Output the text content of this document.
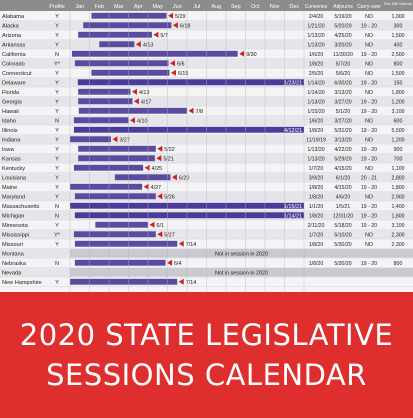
Prefile Jan Feb Mar Apr May Jun Jul Aug Sep Oct Nov Dec Convenes Adjourns Carry-over
Est. Bill Volume
Alabama	Y	5/29	2/4/20 5/19/20	NO	1,000
Alaska	Y	6/18	1/21/20 5/20/20 19 - 20	300
Arizona	Y	5/7	1/13/20 4/25/20	NO	1,500
Arkansas	Y	4/13	1/13/20 3/20/20	NO	400
California	N	9/30	1/6/20 11/30/20 19 - 20	2,500
Colorado	Y*	6/6	1/8/20 5/7/20	NO	800
Connecticut	Y	6/15	2/5/20 5/6/20	NO	1,500
Delaware	Y	1/23/21 1/14/20 6/30/20 19 - 20	150
Florida	Y	4/13	1/14/20 3/13/20	NO	1,800
Georgia	Y	4/17	1/13/20 3/27/20 19 - 20	1,200
Hawaii	Y	7/8	1/15/20 5/1/20 19 - 20	3,100
Idaho	N	4/10	1/6/20 3/27/20	NO	600
Illinois	Y	4/12/21 1/8/20 5/31/20 19 - 20	5,500
Indiana	Y	3/27	11/19/19 3/13/20	NO	1,200
Iowa	Y	5/22	1/13/20 4/22/20 19 - 20	900
Kansas	Y	5/21	1/13/20 5/29/20 19 - 20	700
Kentucky	Y	4/25	1/7/20 4/15/20	NO	1,100
Louisiana	Y	6/20	3/9/20 6/1/20 20 - 21	2,800
Maine	Y	4/27	1/8/20 4/15/20 19 - 20	1,800
Maryland	Y	5/26	1/8/20 4/6/20	NO	2,900
Massachusetts	N	1/15/21 1/1/20 1/5/21 19 - 20	1,400
Michigan	N	1/14/21 1/8/20 12/31/20 19 - 20	1,800
Minnesota	Y	6/1	2/11/20 5/18/20 19 - 20	3,100
Mississippi	Y*	5/27	1/7/20 5/10/20	NO	2,300
Missouri	Y	7/14	1/8/20 5/30/20	NO	2,300
Montana	Not in session in 2020
Nebraska	N	6/4	1/8/20 5/30/20 19 - 20	800
Nevada	Not in session in 2020
New Hampshire Y	7/14
2020 STATE LEGISLATIVE
SESSIONS CALENDAR
